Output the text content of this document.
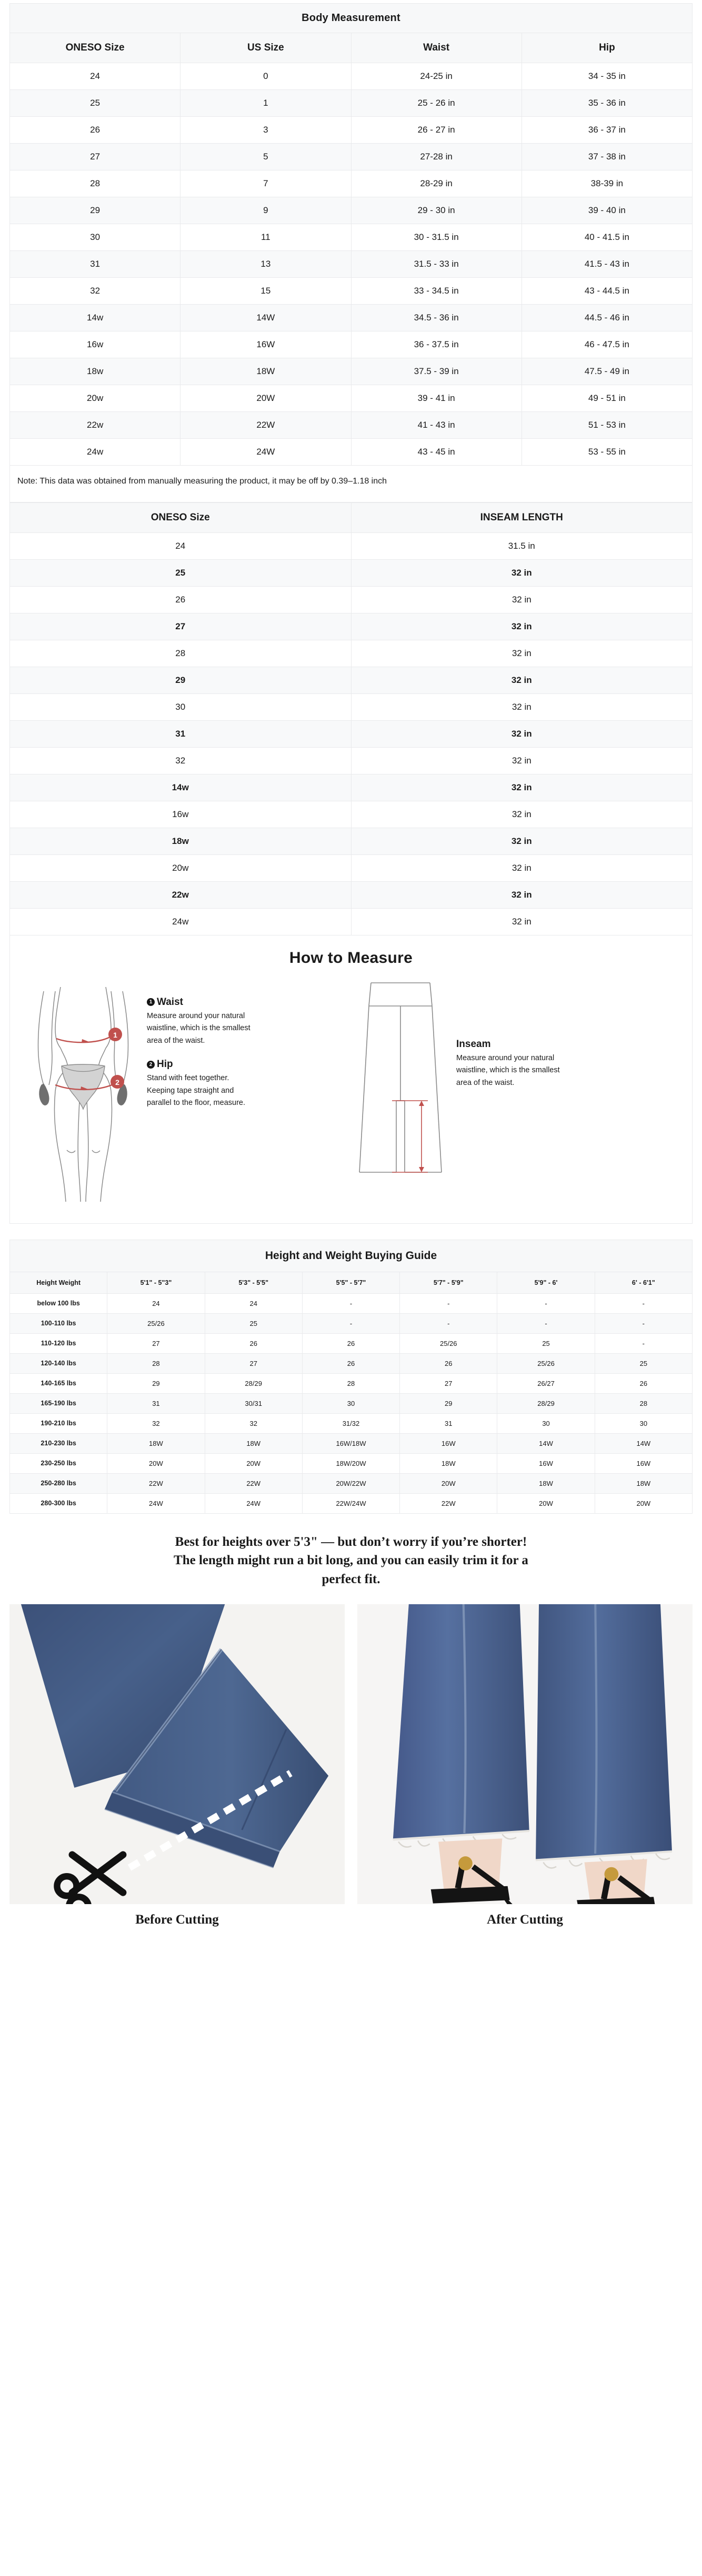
Body Measurement			
ONESO Size	US Size	Waist	Hip
24	0	24-25 in	34 - 35 in
25	1	25 - 26 in	35 - 36 in
26	3	26 - 27 in	36 - 37 in
27	5	27-28 in	37 - 38 in
28	7	28-29 in	38-39 in
29	9	29 - 30 in	39 - 40 in
30	11	30 - 31.5 in	40 - 41.5 in
31	13	31.5 - 33 in	41.5 - 43 in
32	15	33 - 34.5 in	43 - 44.5 in
14w	14W	34.5 - 36 in	44.5 - 46 in
16w	16W	36 - 37.5 in	46 - 47.5 in
18w	18W	37.5 - 39 in	47.5 - 49 in
20w	20W	39 - 41 in	49 - 51 in
22w	22W	41 - 43 in	51 - 53 in
24w	24W	43 - 45 in	53 - 55 in
Note: This data was obtained from manually measuring the product, it may be off by 0.39–1.18 inch			
ONESO Size	INSEAM LENGTH
24	31.5 in
25	32 in
26	32 in
27	32 in
28	32 in
29	32 in
30	32 in
31	32 in
32	32 in
14w	32 in
16w	32 in
18w	32 in
20w	32 in
22w	32 in
24w	32 in
How to Measure
1
2
1 Waist
Measure around your natural waistline, which is the smallest area of the waist.
2 Hip
Stand with feet together. Keeping tape straight and parallel to the floor, measure.
Inseam
Measure around your natural waistline, which is the smallest area of the waist.
Height and Weight Buying Guide						
Height Weight	5'1" - 5"3"	5'3" - 5'5"	5'5" - 5'7"	5'7" - 5'9"	5'9" - 6'	6' - 6'1"
below 100 lbs	24	24	-	-	-	-
100-110 lbs	25/26	25	-	-	-	-
110-120 lbs	27	26	26	25/26	25	-
120-140 lbs	28	27	26	26	25/26	25
140-165 lbs	29	28/29	28	27	26/27	26
165-190 lbs	31	30/31	30	29	28/29	28
190-210 lbs	32	32	31/32	31	30	30
210-230 lbs	18W	18W	16W/18W	16W	14W	14W
230-250 lbs	20W	20W	18W/20W	18W	16W	16W
250-280 lbs	22W	22W	20W/22W	20W	18W	18W
280-300 lbs	24W	24W	22W/24W	22W	20W	20W
Best for heights over 5'3" — but don’t worry if you’re shorter!
The length might run a bit long, and you can easily trim it for a
perfect fit.
Before Cutting	After Cutting
